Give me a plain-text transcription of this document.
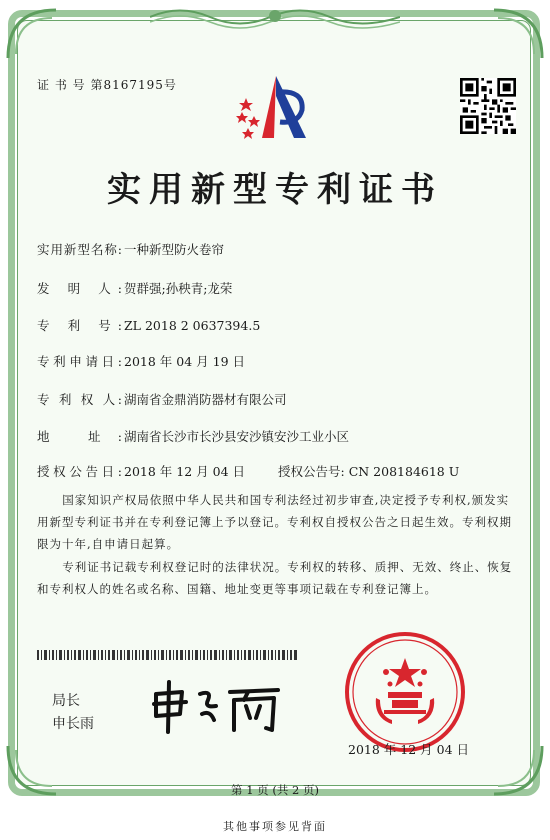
证 书 号 第8167195号
实用新型专利证书
实用新型名称: 一种新型防火卷帘
发 明 人: 贺群强;孙秧青;龙荣
专 利 号: ZL 2018 2 0637394.5
专利申请日: 2018 年 04 月 19 日
专 利 权 人: 湖南省金鼎消防器材有限公司
地 址: 湖南省长沙市长沙县安沙镇安沙工业小区
授权公告日: 2018 年 12 月 04 日	授权公告号: CN 208184618 U
国家知识产权局依照中华人民共和国专利法经过初步审查,决定授予专利权,颁发实用新型专利证书并在专利登记簿上予以登记。专利权自授权公告之日起生效。专利权期限为十年,自申请日起算。
专利证书记载专利权登记时的法律状况。专利权的转移、质押、无效、终止、恢复和专利权人的姓名或名称、国籍、地址变更等事项记载在专利登记簿上。
局长
申长雨
2018 年 12 月 04 日
第 1 页 (共 2 页)
其他事项参见背面
